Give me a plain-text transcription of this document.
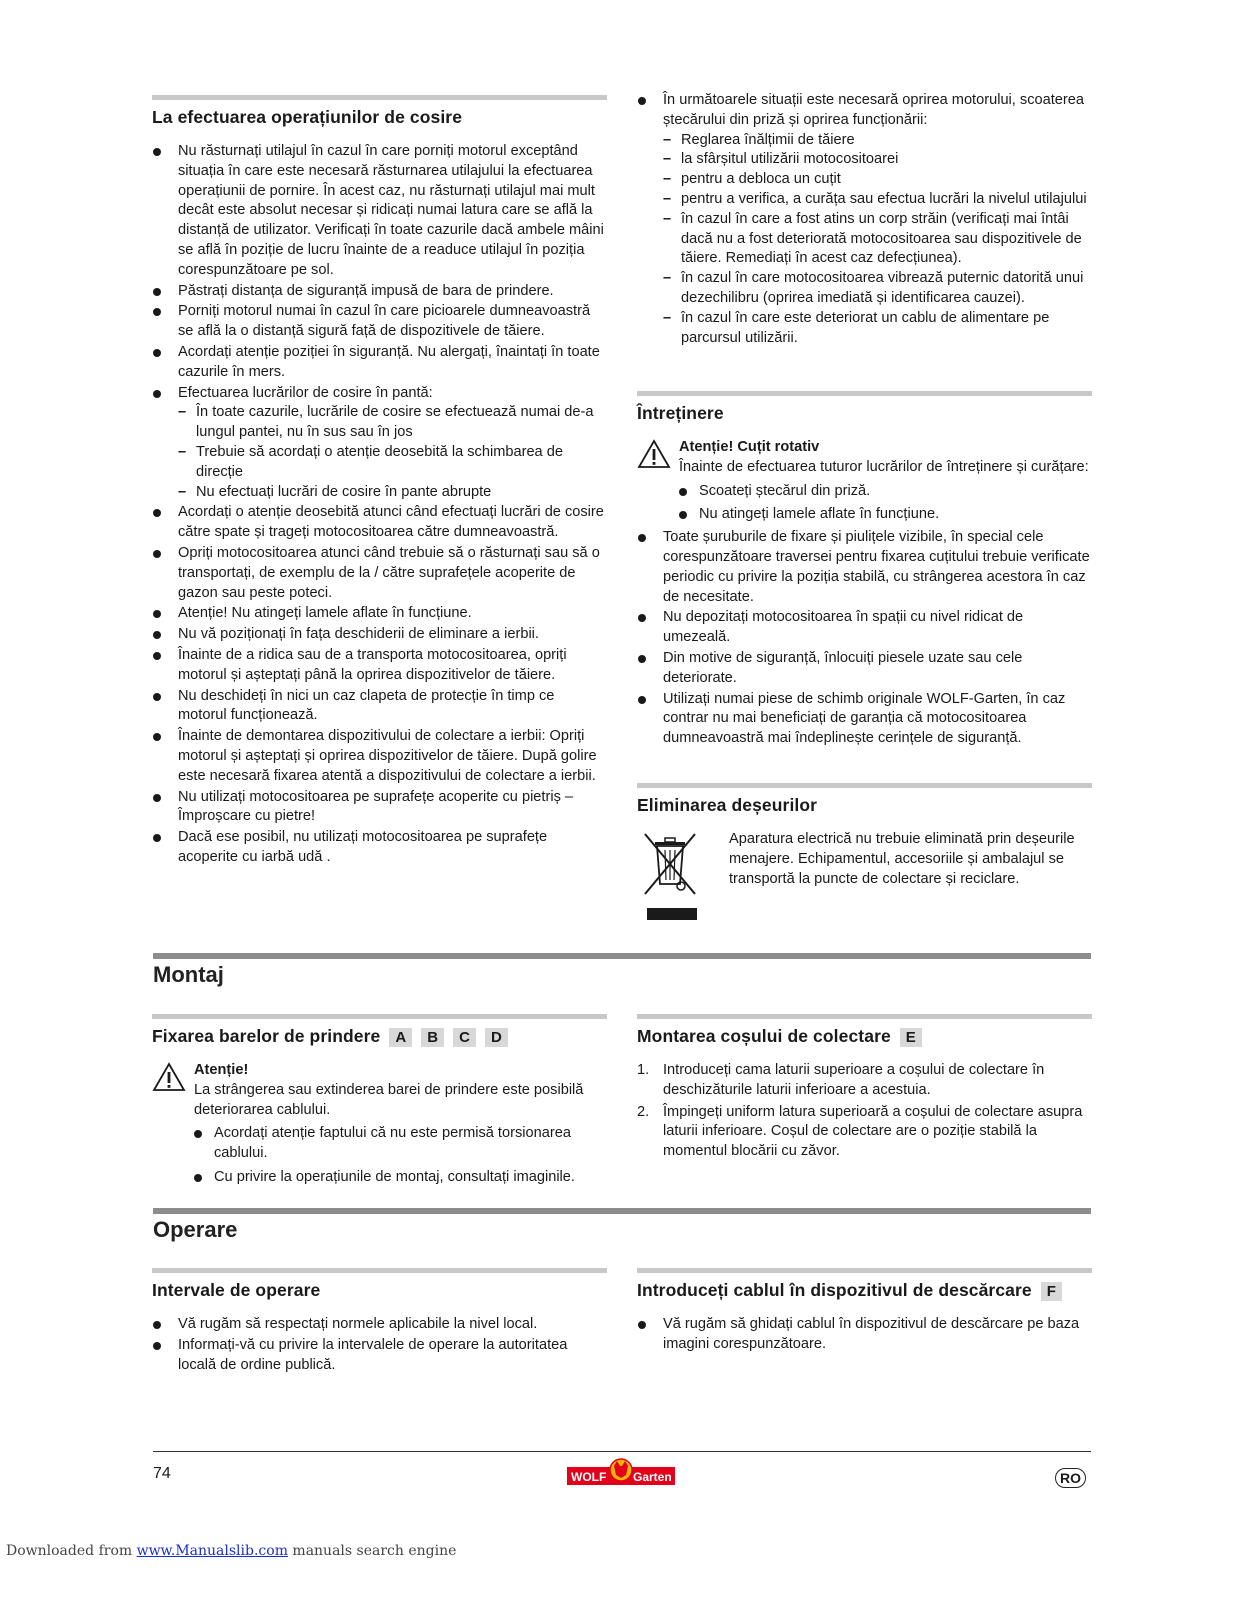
La efectuarea operațiunilor de cosire
Nu răsturnați utilajul în cazul în care porniți motorul exceptând situația în care este necesară răsturnarea utilajului la efectuarea operațiunii de pornire. În acest caz, nu răsturnați utilajul mai mult decât este absolut necesar și ridicați numai latura care se află la distanță de utilizator. Verificați în toate cazurile dacă ambele mâini se află în poziție de lucru înainte de a readuce utilajul în poziția corespunzătoare pe sol.
Păstrați distanța de siguranță impusă de bara de prindere.
Porniți motorul numai în cazul în care picioarele dumneavoastră se află la o distanță sigură față de dispozitivele de tăiere.
Acordați atenție poziției în siguranță. Nu alergați, înaintați în toate cazurile în mers.
Efectuarea lucrărilor de cosire în pantă:
– În toate cazurile, lucrările de cosire se efectuează numai de-a lungul pantei, nu în sus sau în jos
– Trebuie să acordați o atenție deosebită la schimbarea de direcție
– Nu efectuați lucrări de cosire în pante abrupte
Acordați o atenție deosebită atunci când efectuați lucrări de cosire către spate și trageți motocositoarea către dumneavoastră.
Opriți motocositoarea atunci când trebuie să o răsturnați sau să o transportați, de exemplu de la / către suprafețele acoperite de gazon sau peste poteci.
Atenție! Nu atingeți lamele aflate în funcțiune.
Nu vă poziționați în fața deschiderii de eliminare a ierbii.
Înainte de a ridica sau de a transporta motocositoarea, opriți motorul și așteptați până la oprirea dispozitivelor de tăiere.
Nu deschideți în nici un caz clapeta de protecție în timp ce motorul funcționează.
Înainte de demontarea dispozitivului de colectare a ierbii: Opriți motorul și așteptați și oprirea dispozitivelor de tăiere. După golire este necesară fixarea atentă a dispozitivului de colectare a ierbii.
Nu utilizați motocositoarea pe suprafețe acoperite cu pietriș – Împroșcare cu pietre!
Dacă ese posibil, nu utilizați motocositoarea pe suprafețe acoperite cu iarbă udă .
În următoarele situații este necesară oprirea motorului, scoaterea ștecărului din priză și oprirea funcționării:
– Reglarea înălțimii de tăiere
– la sfârșitul utilizării motocositoarei
– pentru a debloca un cuțit
– pentru a verifica, a curăța sau efectua lucrări la nivelul utilajului
– în cazul în care a fost atins un corp străin (verificați mai întâi dacă nu a fost deteriorată motocositoarea sau dispozitivele de tăiere. Remediați în acest caz defecțiunea).
– în cazul în care motocositoarea vibrează puternic datorită unui dezechilibru (oprirea imediată și identificarea cauzei).
– în cazul în care este deteriorat un cablu de alimentare pe parcursul utilizării.
Întreținere
Atenție! Cuțit rotativ
Înainte de efectuarea tuturor lucrărilor de întreținere și curățare:
Scoateți ștecărul din priză.
Nu atingeți lamele aflate în funcțiune.
Toate șuruburile de fixare și piulițele vizibile, în special cele corespunzătoare traversei pentru fixarea cuțitului trebuie verificate periodic cu privire la poziția stabilă, cu strângerea acestora în caz de necesitate.
Nu depozitați motocositoarea în spații cu nivel ridicat de umezeală.
Din motive de siguranță, înlocuiți piesele uzate sau cele deteriorate.
Utilizați numai piese de schimb originale WOLF-Garten, în caz contrar nu mai beneficiați de garanția că motocositoarea dumneavoastră mai îndeplinește cerințele de siguranță.
Eliminarea deșeurilor
Aparatura electrică nu trebuie eliminată prin deșeurile menajere. Echipamentul, accesoriile și ambalajul se transportă la puncte de colectare și reciclare.
Montaj
Fixarea barelor de prindere A B C D
Atenție!
La strângerea sau extinderea barei de prindere este posibilă deteriorarea cablului.
Acordați atenție faptului că nu este permisă torsionarea cablului.
Cu privire la operațiunile de montaj, consultați imaginile.
Montarea coșului de colectare E
1. Introduceți cama laturii superioare a coșului de colectare în deschizăturile laturii inferioare a acestuia.
2. Împingeți uniform latura superioară a coșului de colectare asupra laturii inferioare. Coșul de colectare are o poziție stabilă la momentul blocării cu zăvor.
Operare
Intervale de operare
Vă rugăm să respectați normele aplicabile la nivel local.
Informați-vă cu privire la intervalele de operare la autoritatea locală de ordine publică.
Introduceți cablul în dispozitivul de descărcare F
Vă rugăm să ghidați cablul în dispozitivul de descărcare pe baza imagini corespunzătoare.
74	WOLF Garten	RO
Downloaded from www.Manualslib.com manuals search engine
